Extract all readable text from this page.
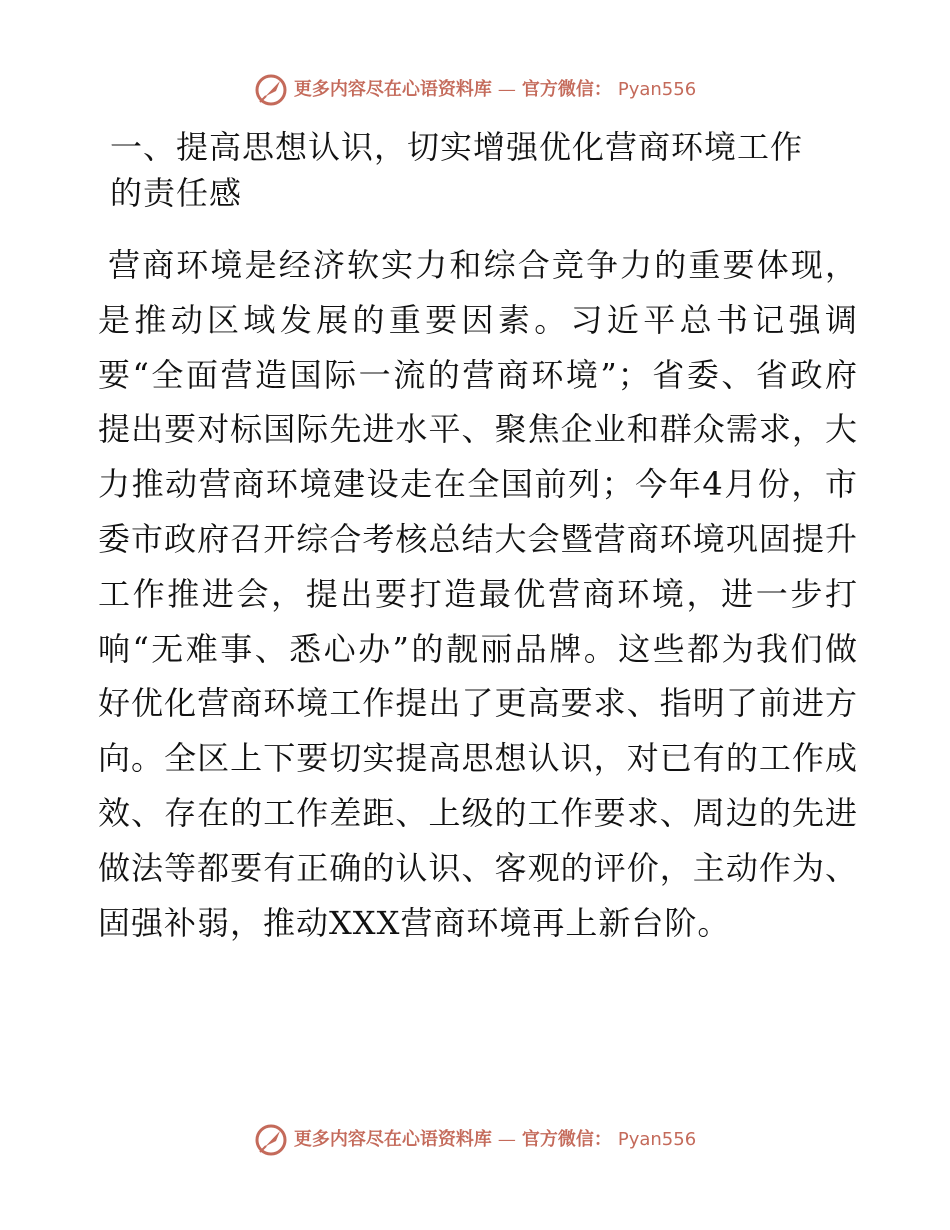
更多内容尽在心语资料库 — 官方微信： Pyan556
一、提高思想认识，切实增强优化营商环境工作
的责任感

营商环境是经济软实力和综合竞争力的重要体现，是推动区域发展的重要因素。习近平总书记强调要“全面营造国际一流的营商环境”；省委、省政府提出要对标国际先进水平、聚焦企业和群众需求，大力推动营商环境建设走在全国前列；今年4月份，市委市政府召开综合考核总结大会暨营商环境巩固提升工作推进会，提出要打造最优营商环境，进一步打响“无难事、悉心办”的靓丽品牌。这些都为我们做好优化营商环境工作提出了更高要求、指明了前进方向。全区上下要切实提高思想认识，对已有的工作成效、存在的工作差距、上级的工作要求、周边的先进做法等都要有正确的认识、客观的评价，主动作为、固强补弱，推动XXX营商环境再上新台阶。

更多内容尽在心语资料库 — 官方微信： Pyan556
